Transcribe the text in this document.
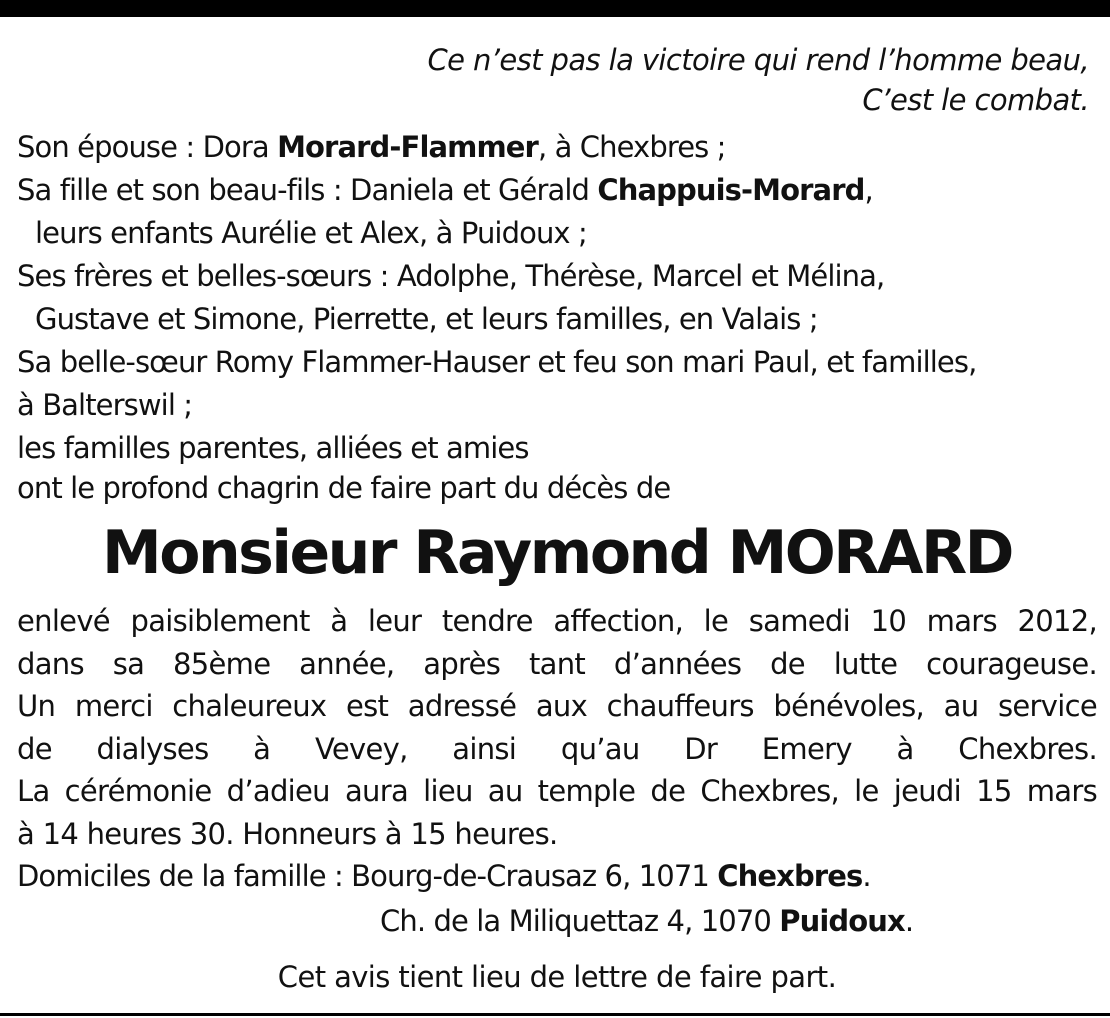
Ce n’est pas la victoire qui rend l’homme beau,
C’est le combat.
Son épouse : Dora Morard-Flammer, à Chexbres ;
Sa fille et son beau-fils : Daniela et Gérald Chappuis-Morard,
leurs enfants Aurélie et Alex, à Puidoux ;
Ses frères et belles-sœurs : Adolphe, Thérèse, Marcel et Mélina,
Gustave et Simone, Pierrette, et leurs familles, en Valais ;
Sa belle-sœur Romy Flammer-Hauser et feu son mari Paul, et familles,
à Balterswil ;
les familles parentes, alliées et amies
ont le profond chagrin de faire part du décès de
Monsieur Raymond MORARD
enlevé paisiblement à leur tendre affection, le samedi 10 mars 2012,
dans sa 85ème année, après tant d’années de lutte courageuse.
Un merci chaleureux est adressé aux chauffeurs bénévoles, au service
de dialyses à Vevey, ainsi qu’au Dr Emery à Chexbres.
La cérémonie d’adieu aura lieu au temple de Chexbres, le jeudi 15 mars
à 14 heures 30. Honneurs à 15 heures.
Domiciles de la famille : Bourg-de-Crausaz 6, 1071 Chexbres.
Ch. de la Miliquettaz 4, 1070 Puidoux.
Cet avis tient lieu de lettre de faire part.
